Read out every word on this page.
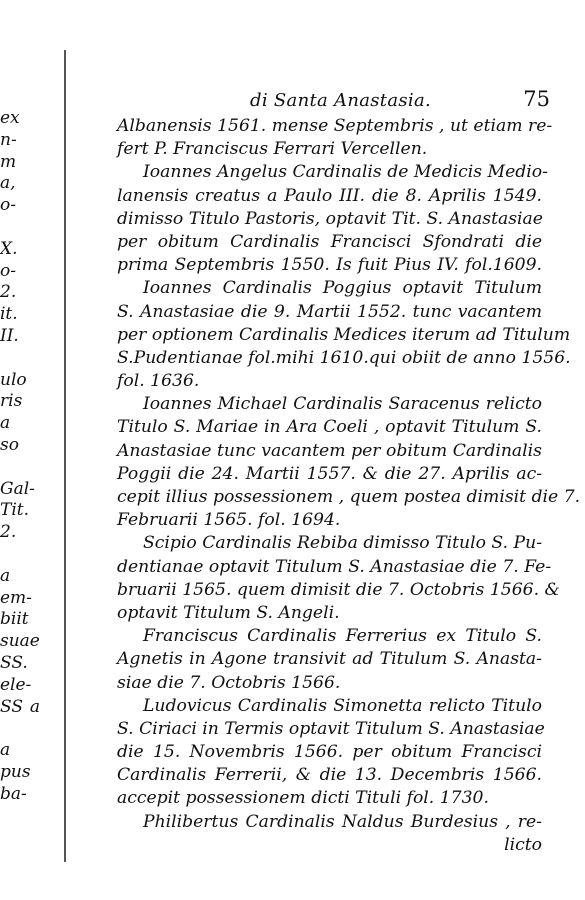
ex
n-
m
a,
o-
X.
o-
2.
it.
II.
ulo
ris
a
so
Gal-
Tit.
2.
a
em-
biit
suae
SS.
ele-
SS a
a
pus
ba-
di Santa Anastasia.	75
Albanensis 1561. mense Septembris , ut etiam re-
fert P. Franciscus Ferrari Vercellen.
Ioannes Angelus Cardinalis de Medicis Medio-
lanensis creatus a Paulo III. die 8. Aprilis 1549.
dimisso Titulo Pastoris, optavit Tit. S. Anastasiae
per obitum Cardinalis Francisci Sfondrati die
prima Septembris 1550. Is fuit Pius IV. fol.1609.
Ioannes Cardinalis Poggius optavit Titulum
S. Anastasiae die 9. Martii 1552. tunc vacantem
per optionem Cardinalis Medices iterum ad Titulum
S.Pudentianae fol.mihi 1610.qui obiit de anno 1556.
fol. 1636.
Ioannes Michael Cardinalis Saracenus relicto
Titulo S. Mariae in Ara Coeli , optavit Titulum S.
Anastasiae tunc vacantem per obitum Cardinalis
Poggii die 24. Martii 1557. & die 27. Aprilis ac-
cepit illius possessionem , quem postea dimisit die 7.
Februarii 1565. fol. 1694.
Scipio Cardinalis Rebiba dimisso Titulo S. Pu-
dentianae optavit Titulum S. Anastasiae die 7. Fe-
bruarii 1565. quem dimisit die 7. Octobris 1566. &
optavit Titulum S. Angeli.
Franciscus Cardinalis Ferrerius ex Titulo S.
Agnetis in Agone transivit ad Titulum S. Anasta-
siae die 7. Octobris 1566.
Ludovicus Cardinalis Simonetta relicto Titulo
S. Ciriaci in Termis optavit Titulum S. Anastasiae
die 15. Novembris 1566. per obitum Francisci
Cardinalis Ferrerii, & die 13. Decembris 1566.
accepit possessionem dicti Tituli fol. 1730.
Philibertus Cardinalis Naldus Burdesius , re-
licto
